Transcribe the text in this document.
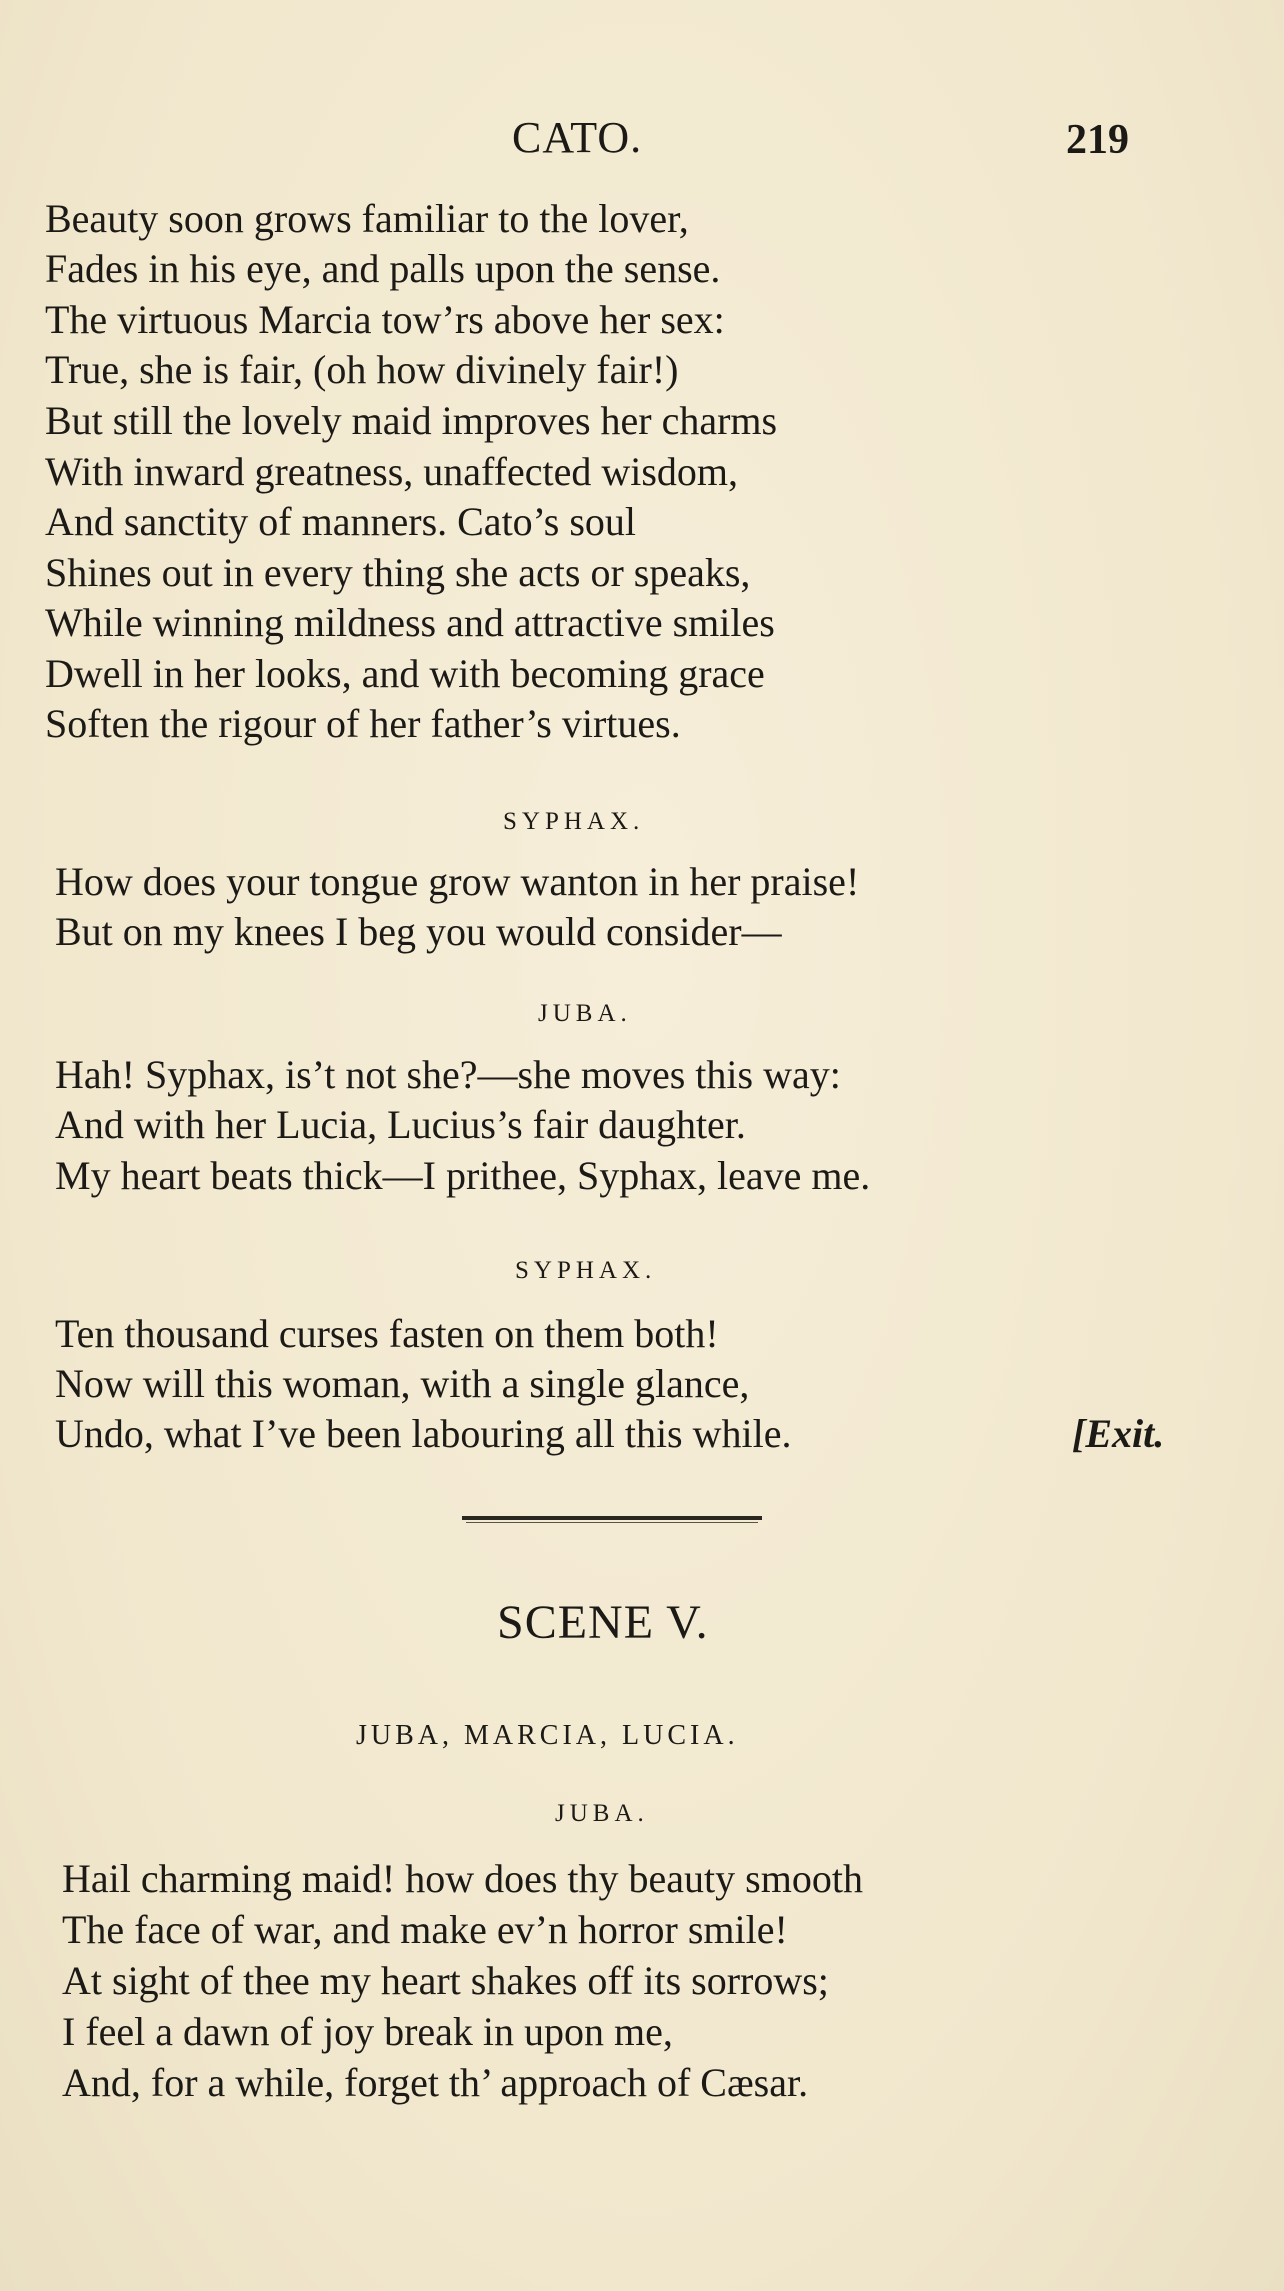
CATO.	219
Beauty soon grows familiar to the lover,
Fades in his eye, and palls upon the sense.
The virtuous Marcia tow’rs above her sex:
True, she is fair, (oh how divinely fair!)
But still the lovely maid improves her charms
With inward greatness, unaffected wisdom,
And sanctity of manners. Cato’s soul
Shines out in every thing she acts or speaks,
While winning mildness and attractive smiles
Dwell in her looks, and with becoming grace
Soften the rigour of her father’s virtues.
SYPHAX.
How does your tongue grow wanton in her praise!
But on my knees I beg you would consider—
JUBA.
Hah! Syphax, is’t not she?—she moves this way:
And with her Lucia, Lucius’s fair daughter.
My heart beats thick—I prithee, Syphax, leave me.
SYPHAX.
Ten thousand curses fasten on them both!
Now will this woman, with a single glance,
Undo, what I’ve been labouring all this while.	[Exit.
SCENE V.
JUBA, MARCIA, LUCIA.
JUBA.
Hail charming maid! how does thy beauty smooth
The face of war, and make ev’n horror smile!
At sight of thee my heart shakes off its sorrows;
I feel a dawn of joy break in upon me,
And, for a while, forget th’ approach of Cæsar.
